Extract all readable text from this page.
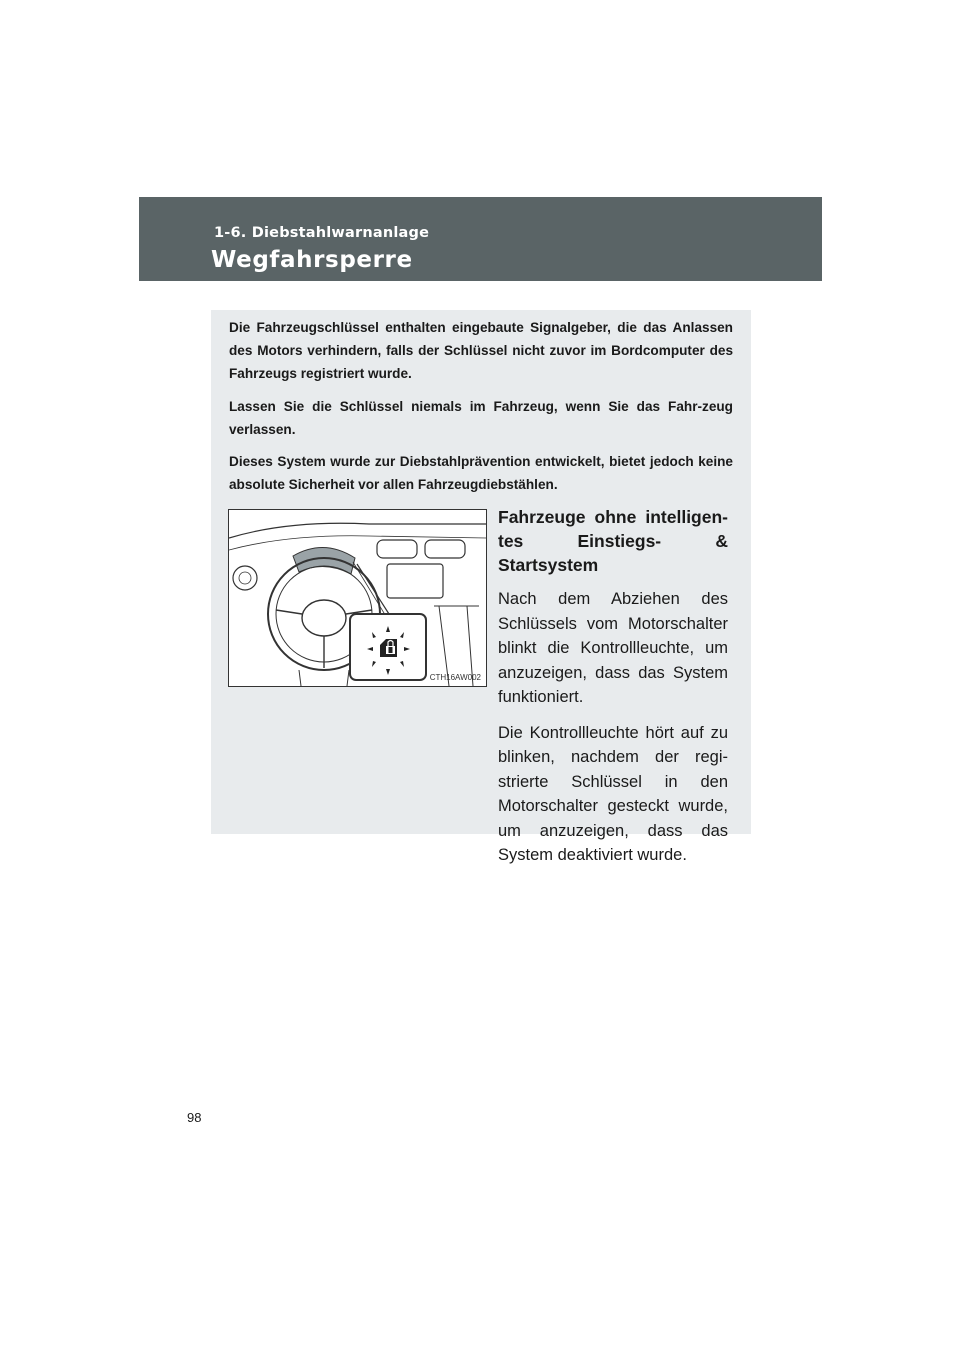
1-6. Diebstahlwarnanlage
Wegfahrsperre

Die Fahrzeugschlüssel enthalten eingebaute Signalgeber, die das Anlassen des Motors verhindern, falls der Schlüssel nicht zuvor im Bordcomputer des Fahrzeugs registriert wurde.

Lassen Sie die Schlüssel niemals im Fahrzeug, wenn Sie das Fahr-zeug verlassen.

Dieses System wurde zur Diebstahlprävention entwickelt, bietet jedoch keine absolute Sicherheit vor allen Fahrzeugdiebstählen.

CTH16AW002

Fahrzeuge ohne intelligen-tes Einstiegs- & Startsystem

Nach dem Abziehen des Schlüssels vom Motorschalter blinkt die Kontrollleuchte, um anzuzeigen, dass das System funktioniert.

Die Kontrollleuchte hört auf zu blinken, nachdem der regi-strierte Schlüssel in den Motorschalter gesteckt wurde, um anzuzeigen, dass das System deaktiviert wurde.

98
